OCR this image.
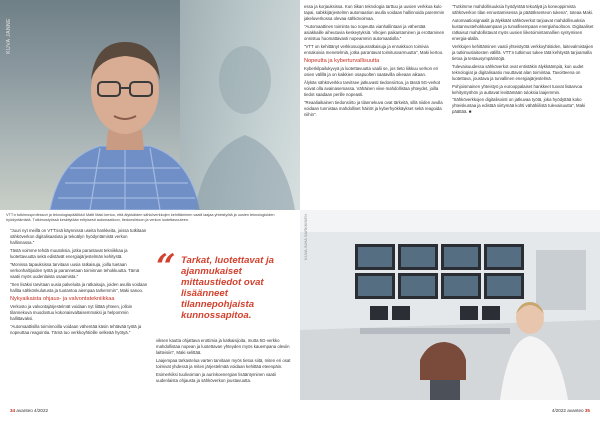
KUVA JANNE

essa ja korjauksissa. Kun tiikan teknologia tarttuu ja uusien verkkoa kulo tapai, sabkkijärjestelmn automaation avulla voidaan hallinnoida paremmin jakeluverkossa olevaa sähkövoimaa.

"Automaattinen toiminta tuo nopeutta vianhallintaan ja vähentää asiakkaille aiheutuvia keskeytyksiä. Vikojen paikantaminen ja erottaminen onnistuu huomattavasti nopeammin automaatiolla."

"VTT on kehittänyt verkkosuojausratkaisuja ja ennakkoon toimivia ennakoivia menetelmiä, jotka parantavat toimitusvarmuutta", Maki kertoo.

Nopeutta ja kyberturvallisuutta

Kyberkilpailukyvyä ja luotettavuutta vaalii se, jos tieto liikkuu verkon eri osien välillä ja on kaikkien osapuolten saatavilla oikeaan aikaan.

Älykäs sähköverkko tarvitsee jatkuvasti tiedonsiirtoa, ja tässä 5G-verkot voivat olla avainasemassa. Vähäinen viive mahdollistaa yhteydet, joilla tiedot saadaan perille nopeasti.

"Reaaliaikainen tiedonsiirto ja tilannekuva ovat tärkeitä, sillä niiden avulla voidaan tunnistaa mahdolliset häiriöt ja kyberhyökkäykset sekä reagoida niihin".

"Tutkimme mahdollisuuksia hyödyntää tekoälyä ja koneoppimista sähköverkon tilan ennustamisessa ja päätöksenteon tukena", toteaa Maki.

Automaatiosignaalit ja älykkäät sähköverkot tarjoavat mahdollisuuksia kustannustehokkaampaan ja turvallisempaan energiahuoltoon. Digitaaliset ratkaisut mahdollistavat myös uusien liiketoimintamallien syntymisen energia-alalla.

Verkkojen kehittäminen vaatii yhteistyötä verkkoyhtiöiden, laitevalmistajien ja tutkimuslaitosten välillä. VTT:n tutkimus tukee tätä kehitystä tarjoamalla tietoa ja testausympäristöjä.

Tulevaisuudessa sähköverkot ovat entistäkin älykkäämpiä, kun uudet teknologiat ja digitalisaatio muuttavat alan toimintaa. Tavoitteena on luotettava, joustava ja turvallinen energiajärjestelmä.

Pohjoismainen yhteistyö ja eurooppalaiset hankkeet tuovat lisäarvoa kehitystyöhön ja auttavat levittämään tuloksia laajemmin.

"Sähköverkkojen digitalisointi on jatkuvaa työtä, joka hyödyttää koko yhteiskuntaa ja edistää siirtymää kohti vähähiilistä tulevaisuutta", Maki päättää. ■

VTT:n tutkimusprofessori ja teknologiapäällikkö Matti Maki kertoo, että älykkäiden sähköverkkojen kehittäminen vaatii laajaa yhteistyötä ja uusien teknologioiden hyödyntämistä. Tutkimustyössä keskitytään erityisesti automaatioon, tiedonsiirtoon ja verkon luotettavuuteen.

"Juuri nyt meillä on VTT:ssä käynnissä useita hankkeita, joissa tutkitaan sähköverkon digitalisaatiota ja tekoälyn hyödyntämistä verkon hallinnassa."

Tästä voimme tehdä muutoksia, jotka parantavat tekniikkaa ja luotettavuutta sekä edistävät energiajärjestelmän kehitystä.

"Monissa tapauksissa tarvitaan uusia ratkaisuja, joilla tuetaan verkonhaltijoiden työtä ja parannetaan toiminnan tehokkuutta. Tämä vaatii myös uudenlaista osaamista."

"Sen lisäksi tarvitaan uusia palveluita ja ratkaisuja, joiden avulla voidaan hallita sähkönkulutusta ja tuotantoa aiempaa tarkemmin", Maki sanoo.

Nykyaikaista ohjaus- ja valvontatekniikkaa

Verkosto ja valvontajärjestelmät voidaan nyt liittää yhteen, jolloin tilannekuva muodostuu kokonaisvaltaisemmaksi ja helpommin hallittavaksi.

"Automaattisilla toiminnoilla voidaan vähentää käsin tehtävää työtä ja nopeuttaa reagointia. Tämä tuo verkkoyhtiöille selkeää hyötyä."

viksen kautta ohjattava erottimia ja katkaisijoita, mutta 5G-verkko mahdollistaa nopean ja luotettavan yhteyden myös kauempana oleviin laitteisiin", Maki selittää.

Laajempaa tarkastelua varten tarvitaan myös tietoa siitä, miten eri osat toimivat yhdessä ja miten järjestelmää voidaan kehittää eteenpäin.

Esimerkiksi tuulivoiman ja aurinkoenergian lisääntyminen vaatii uudenlaista ohjausta ja sähköverkon joustavuutta.

“ Tarkat, luotettavat ja ajanmukaiset mittaustiedot ovat lisäänneet tilannepohjaista kunnossapitoa.
KUVA JUHA SARKKINEN
34 avanteo 4/2022	4/2022 avanteo 35
